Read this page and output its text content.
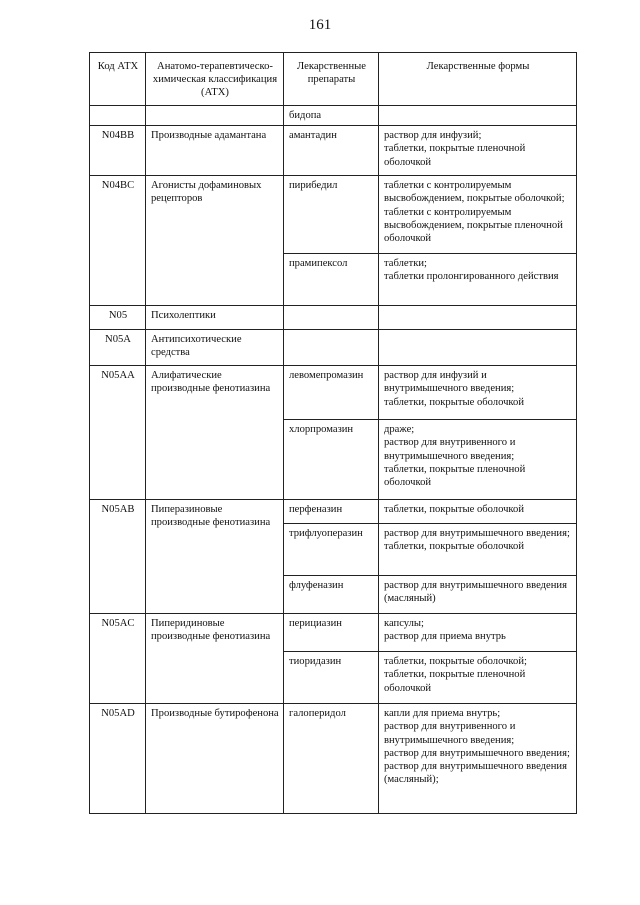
161
Код АТХ	Анатомо-терапевтическо-химическая классификация (АТХ)	Лекарственные препараты	Лекарственные формы
		бидопа	
N04BB	Производные адамантана	амантадин	раствор для инфузий;
таблетки, покрытые пленочной оболочкой

N04BC	Агонисты дофаминовых рецепторов	пирибедил	таблетки с контролируемым высвобождением, покрытые оболочкой;
таблетки с контролируемым высвобождением, покрытые пленочной оболочкой

		прамипексол	таблетки;
таблетки пролонгированного действия

N05	Психолептики		
N05A	Антипсихотические средства		
N05AA	Алифатические производные фенотиазина	левомепромазин	раствор для инфузий и внутримышечного введения;
таблетки, покрытые оболочкой

		хлорпромазин	драже;
раствор для внутривенного и внутримышечного введения;
таблетки, покрытые пленочной оболочкой

N05AB	Пиперазиновые производные фенотиазина	перфеназин	таблетки, покрытые оболочкой

		трифлуоперазин	раствор для внутримышечного введения;
таблетки, покрытые оболочкой

		флуфеназин	раствор для внутримышечного введения (масляный)

N05AC	Пиперидиновые производные фенотиазина	перициазин	капсулы;
раствор для приема внутрь

		тиоридазин	таблетки, покрытые оболочкой;
таблетки, покрытые пленочной оболочкой

N05AD	Производные бутирофенона	галоперидол	капли для приема внутрь;
раствор для внутривенного и внутримышечного введения;
раствор для внутримышечного введения;
раствор для внутримышечного введения (масляный);
